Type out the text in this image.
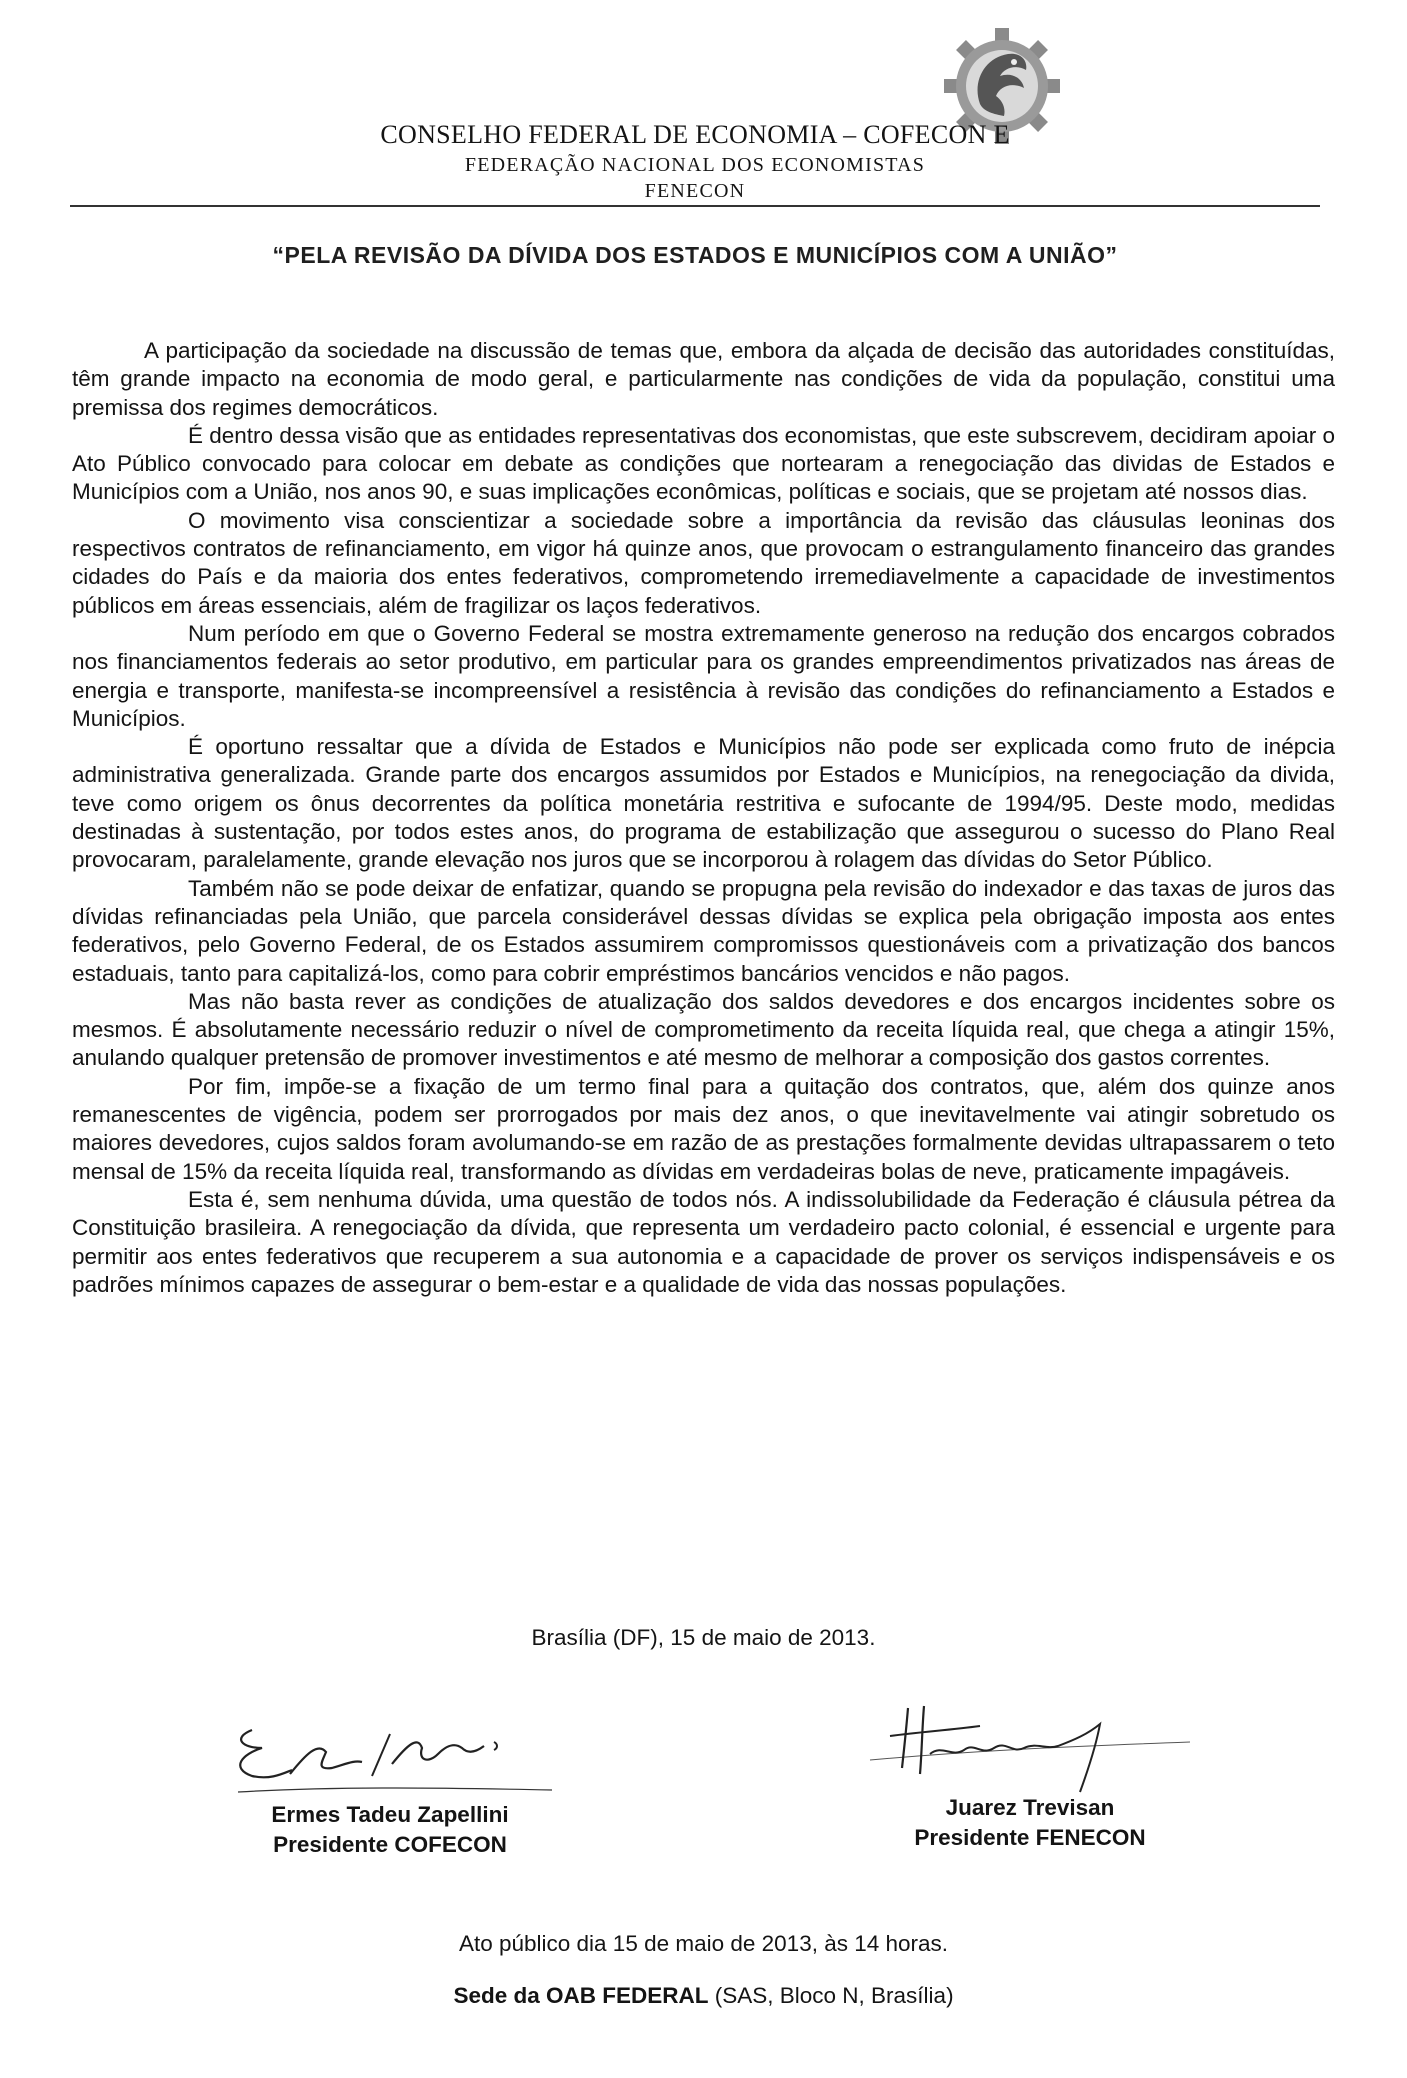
CONSELHO FEDERAL DE ECONOMIA – COFECON E
FEDERAÇÃO NACIONAL DOS ECONOMISTAS
FENECON
“PELA REVISÃO DA DÍVIDA DOS ESTADOS E MUNICÍPIOS COM A UNIÃO”

A participação da sociedade na discussão de temas que, embora da alçada de decisão das autoridades constituídas, têm grande impacto na economia de modo geral, e particularmente nas condições de vida da população, constitui uma premissa dos regimes democráticos.

É dentro dessa visão que as entidades representativas dos economistas, que este subscrevem, decidiram apoiar o Ato Público convocado para colocar em debate as condições que nortearam a renegociação das dividas de Estados e Municípios com a União, nos anos 90, e suas implicações econômicas, políticas e sociais, que se projetam até nossos dias.

O movimento visa conscientizar a sociedade sobre a importância da revisão das cláusulas leoninas dos respectivos contratos de refinanciamento, em vigor há quinze anos, que provocam o estrangulamento financeiro das grandes cidades do País e da maioria dos entes federativos, comprometendo irremediavelmente a capacidade de investimentos públicos em áreas essenciais, além de fragilizar os laços federativos.

Num período em que o Governo Federal se mostra extremamente generoso na redução dos encargos cobrados nos financiamentos federais ao setor produtivo, em particular para os grandes empreendimentos privatizados nas áreas de energia e transporte, manifesta-se incompreensível a resistência à revisão das condições do refinanciamento a Estados e Municípios.

É oportuno ressaltar que a dívida de Estados e Municípios não pode ser explicada como fruto de inépcia administrativa generalizada. Grande parte dos encargos assumidos por Estados e Municípios, na renegociação da divida, teve como origem os ônus decorrentes da política monetária restritiva e sufocante de 1994/95. Deste modo, medidas destinadas à sustentação, por todos estes anos, do programa de estabilização que assegurou o sucesso do Plano Real provocaram, paralelamente, grande elevação nos juros que se incorporou à rolagem das dívidas do Setor Público.

Também não se pode deixar de enfatizar, quando se propugna pela revisão do indexador e das taxas de juros das dívidas refinanciadas pela União, que parcela considerável dessas dívidas se explica pela obrigação imposta aos entes federativos, pelo Governo Federal, de os Estados assumirem compromissos questionáveis com a privatização dos bancos estaduais, tanto para capitalizá-los, como para cobrir empréstimos bancários vencidos e não pagos.

Mas não basta rever as condições de atualização dos saldos devedores e dos encargos incidentes sobre os mesmos. É absolutamente necessário reduzir o nível de comprometimento da receita líquida real, que chega a atingir 15%, anulando qualquer pretensão de promover investimentos e até mesmo de melhorar a composição dos gastos correntes.

Por fim, impõe-se a fixação de um termo final para a quitação dos contratos, que, além dos quinze anos remanescentes de vigência, podem ser prorrogados por mais dez anos, o que inevitavelmente vai atingir sobretudo os maiores devedores, cujos saldos foram avolumando-se em razão de as prestações formalmente devidas ultrapassarem o teto mensal de 15% da receita líquida real, transformando as dívidas em verdadeiras bolas de neve, praticamente impagáveis.

Esta é, sem nenhuma dúvida, uma questão de todos nós. A indissolubilidade da Federação é cláusula pétrea da Constituição brasileira. A renegociação da dívida, que representa um verdadeiro pacto colonial, é essencial e urgente para permitir aos entes federativos que recuperem a sua autonomia e a capacidade de prover os serviços indispensáveis e os padrões mínimos capazes de assegurar o bem-estar e a qualidade de vida das nossas populações.

Brasília (DF), 15 de maio de 2013.
Ermes Tadeu Zapellini
Presidente COFECON
Juarez Trevisan
Presidente FENECON
Ato público dia 15 de maio de 2013, às 14 horas.
Sede da OAB FEDERAL (SAS, Bloco N, Brasília)
